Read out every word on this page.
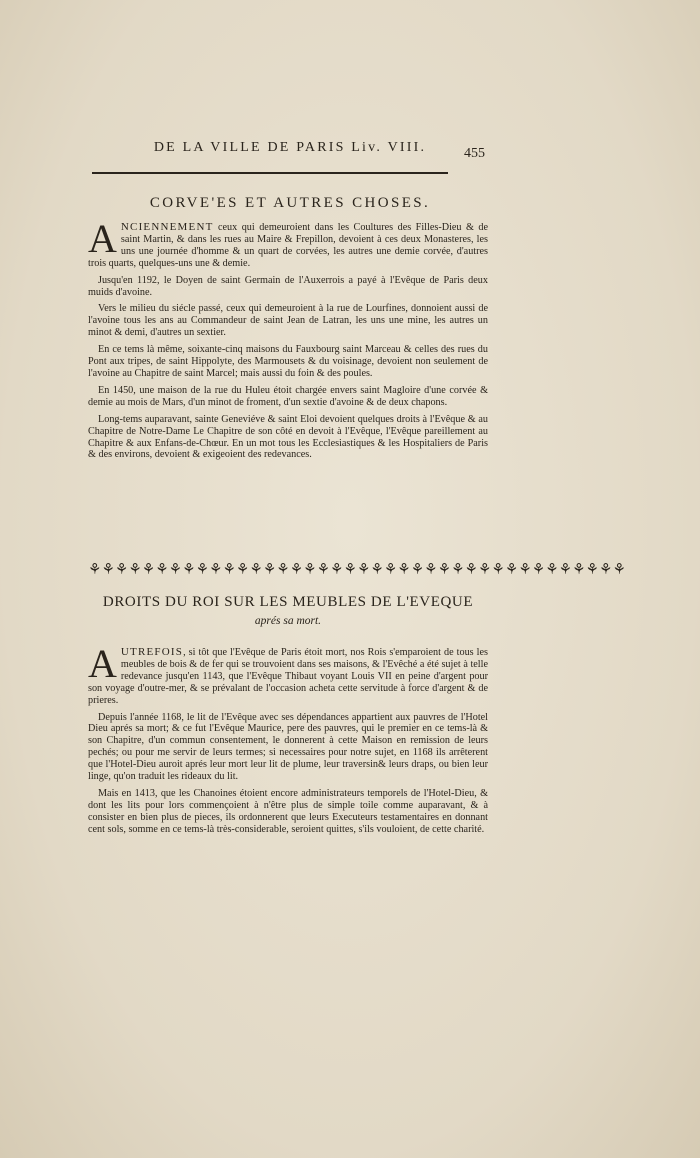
DE LA VILLE DE PARIS Liv. VIII.	455
CORVE'ES ET AUTRES CHOSES.

ANCIENNEMENT ceux qui demeuroient dans les Coultures des Filles-Dieu & de saint Martin, & dans les rues au Maire & Frepillon, devoient à ces deux Monasteres, les uns une journée d'homme & un quart de corvées, les autres une demie corvée, d'autres trois quarts, quelques-uns une & demie.

Jusqu'en 1192, le Doyen de saint Germain de l'Auxerrois a payé à l'Evêque de Paris deux muids d'avoine.

Vers le milieu du siécle passé, ceux qui demeuroient à la rue de Lourfines, donnoient aussi de l'avoine tous les ans au Commandeur de saint Jean de Latran, les uns une mine, les autres un minot & demi, d'autres un sextier.

En ce tems là même, soixante-cinq maisons du Fauxbourg saint Marceau & celles des rues du Pont aux tripes, de saint Hippolyte, des Marmousets & du voisinage, devoient non seulement de l'avoine au Chapitre de saint Marcel; mais aussi du foin & des poules.

En 1450, une maison de la rue du Huleu étoit chargée envers saint Magloire d'une corvée & demie au mois de Mars, d'un minot de froment, d'un sextie d'avoine & de deux chapons.

Long-tems auparavant, sainte Geneviéve & saint Eloi devoient quelques droits à l'Evêque & au Chapitre de Notre-Dame Le Chapitre de son côté en devoit à l'Evêque, l'Evêque pareillement au Chapitre & aux Enfans-de-Chœur. En un mot tous les Ecclesiastiques & les Hospitaliers de Paris & des environs, devoient & exigeoient des redevances.

⚘⚘⚘⚘⚘⚘⚘⚘⚘⚘⚘⚘⚘⚘⚘⚘⚘⚘⚘⚘⚘⚘⚘⚘⚘⚘⚘⚘⚘⚘⚘⚘⚘⚘⚘⚘⚘⚘⚘⚘
DROITS DU ROI SUR LES MEUBLES DE L'EVEQUE
aprés sa mort.

AUTREFOIS, si tôt que l'Evêque de Paris étoit mort, nos Rois s'emparoient de tous les meubles de bois & de fer qui se trouvoient dans ses maisons, & l'Evêché a été sujet à telle redevance jusqu'en 1143, que l'Evêque Thibaut voyant Louis VII en peine d'argent pour son voyage d'outre-mer, & se prévalant de l'occasion acheta cette servitude à force d'argent & de prieres.

Depuis l'année 1168, le lit de l'Evêque avec ses dépendances appartient aux pauvres de l'Hotel Dieu aprés sa mort; & ce fut l'Evêque Maurice, pere des pauvres, qui le premier en ce tems-là & son Chapitre, d'un commun consentement, le donnerent à cette Maison en remission de leurs pechés; ou pour me servir de leurs termes; si necessaires pour notre sujet, en 1168 ils arrêterent que l'Hotel-Dieu auroit aprés leur mort leur lit de plume, leur traversin& leurs draps, ou bien leur linge, qu'on traduit les rideaux du lit.

Mais en 1413, que les Chanoines étoient encore administrateurs temporels de l'Hotel-Dieu, & dont les lits pour lors commençoient à n'être plus de simple toile comme auparavant, & à consister en bien plus de pieces, ils ordonnerent que leurs Executeurs testamentaires en donnant cent sols, somme en ce tems-là très-considerable, seroient quittes, s'ils vouloient, de cette charité.
